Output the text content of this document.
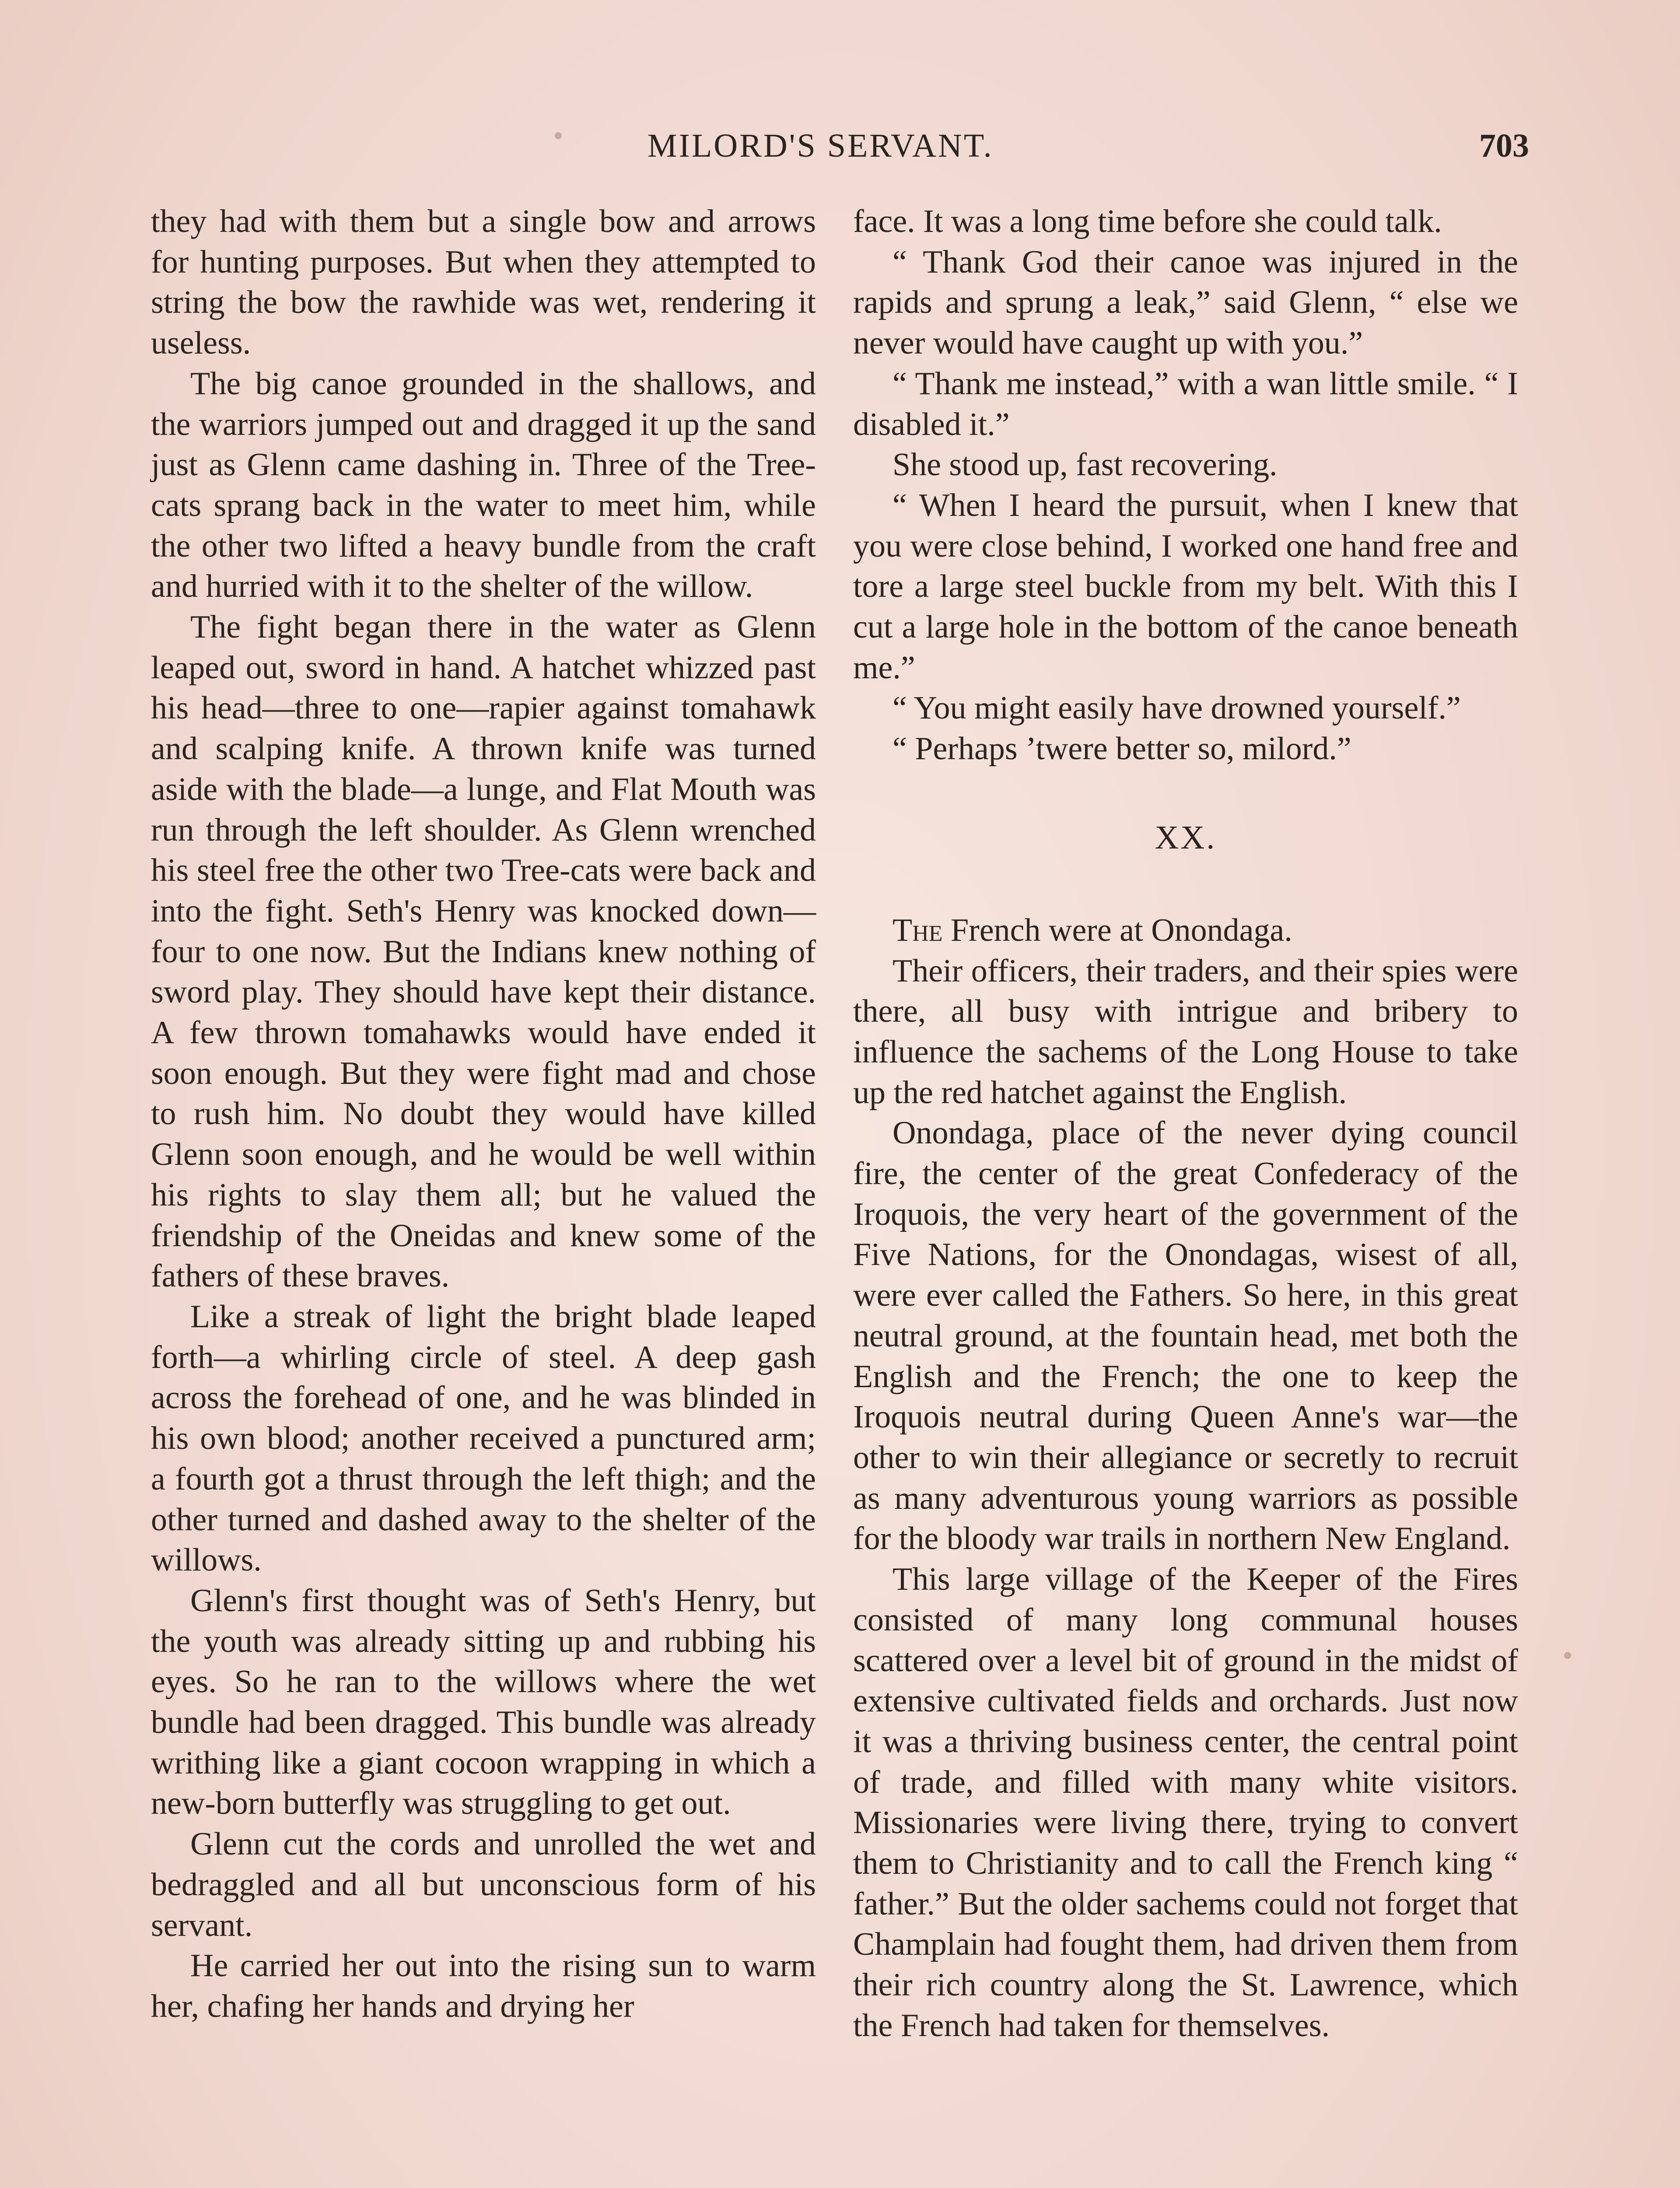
MILORD'S SERVANT.	703

they had with them but a single bow and arrows for hunting purposes. But when they attempted to string the bow the rawhide was wet, rendering it useless.

The big canoe grounded in the shallows, and the warriors jumped out and dragged it up the sand just as Glenn came dashing in. Three of the Tree-cats sprang back in the water to meet him, while the other two lifted a heavy bundle from the craft and hurried with it to the shelter of the willow.

The fight began there in the water as Glenn leaped out, sword in hand. A hatchet whizzed past his head—three to one—rapier against tomahawk and scalping knife. A thrown knife was turned aside with the blade—a lunge, and Flat Mouth was run through the left shoulder. As Glenn wrenched his steel free the other two Tree-cats were back and into the fight. Seth's Henry was knocked down—four to one now. But the Indians knew nothing of sword play. They should have kept their distance. A few thrown tomahawks would have ended it soon enough. But they were fight mad and chose to rush him. No doubt they would have killed Glenn soon enough, and he would be well within his rights to slay them all; but he valued the friendship of the Oneidas and knew some of the fathers of these braves.

Like a streak of light the bright blade leaped forth—a whirling circle of steel. A deep gash across the forehead of one, and he was blinded in his own blood; another received a punctured arm; a fourth got a thrust through the left thigh; and the other turned and dashed away to the shelter of the willows.

Glenn's first thought was of Seth's Henry, but the youth was already sitting up and rubbing his eyes. So he ran to the willows where the wet bundle had been dragged. This bundle was already writhing like a giant cocoon wrapping in which a new-born butterfly was struggling to get out.

Glenn cut the cords and unrolled the wet and bedraggled and all but unconscious form of his servant.

He carried her out into the rising sun to warm her, chafing her hands and drying her

face. It was a long time before she could talk.

“ Thank God their canoe was injured in the rapids and sprung a leak,” said Glenn, “ else we never would have caught up with you.”

“ Thank me instead,” with a wan little smile. “ I disabled it.”

She stood up, fast recovering.

“ When I heard the pursuit, when I knew that you were close behind, I worked one hand free and tore a large steel buckle from my belt. With this I cut a large hole in the bottom of the canoe beneath me.”

“ You might easily have drowned yourself.”

“ Perhaps ’twere better so, milord.”

XX.

The French were at Onondaga.

Their officers, their traders, and their spies were there, all busy with intrigue and bribery to influence the sachems of the Long House to take up the red hatchet against the English.

Onondaga, place of the never dying council fire, the center of the great Confederacy of the Iroquois, the very heart of the government of the Five Nations, for the Onondagas, wisest of all, were ever called the Fathers. So here, in this great neutral ground, at the fountain head, met both the English and the French; the one to keep the Iroquois neutral during Queen Anne's war—the other to win their allegiance or secretly to recruit as many adventurous young warriors as possible for the bloody war trails in northern New England.

This large village of the Keeper of the Fires consisted of many long communal houses scattered over a level bit of ground in the midst of extensive cultivated fields and orchards. Just now it was a thriving business center, the central point of trade, and filled with many white visitors. Missionaries were living there, trying to convert them to Christianity and to call the French king “ father.” But the older sachems could not forget that Champlain had fought them, had driven them from their rich country along the St. Lawrence, which the French had taken for themselves.
